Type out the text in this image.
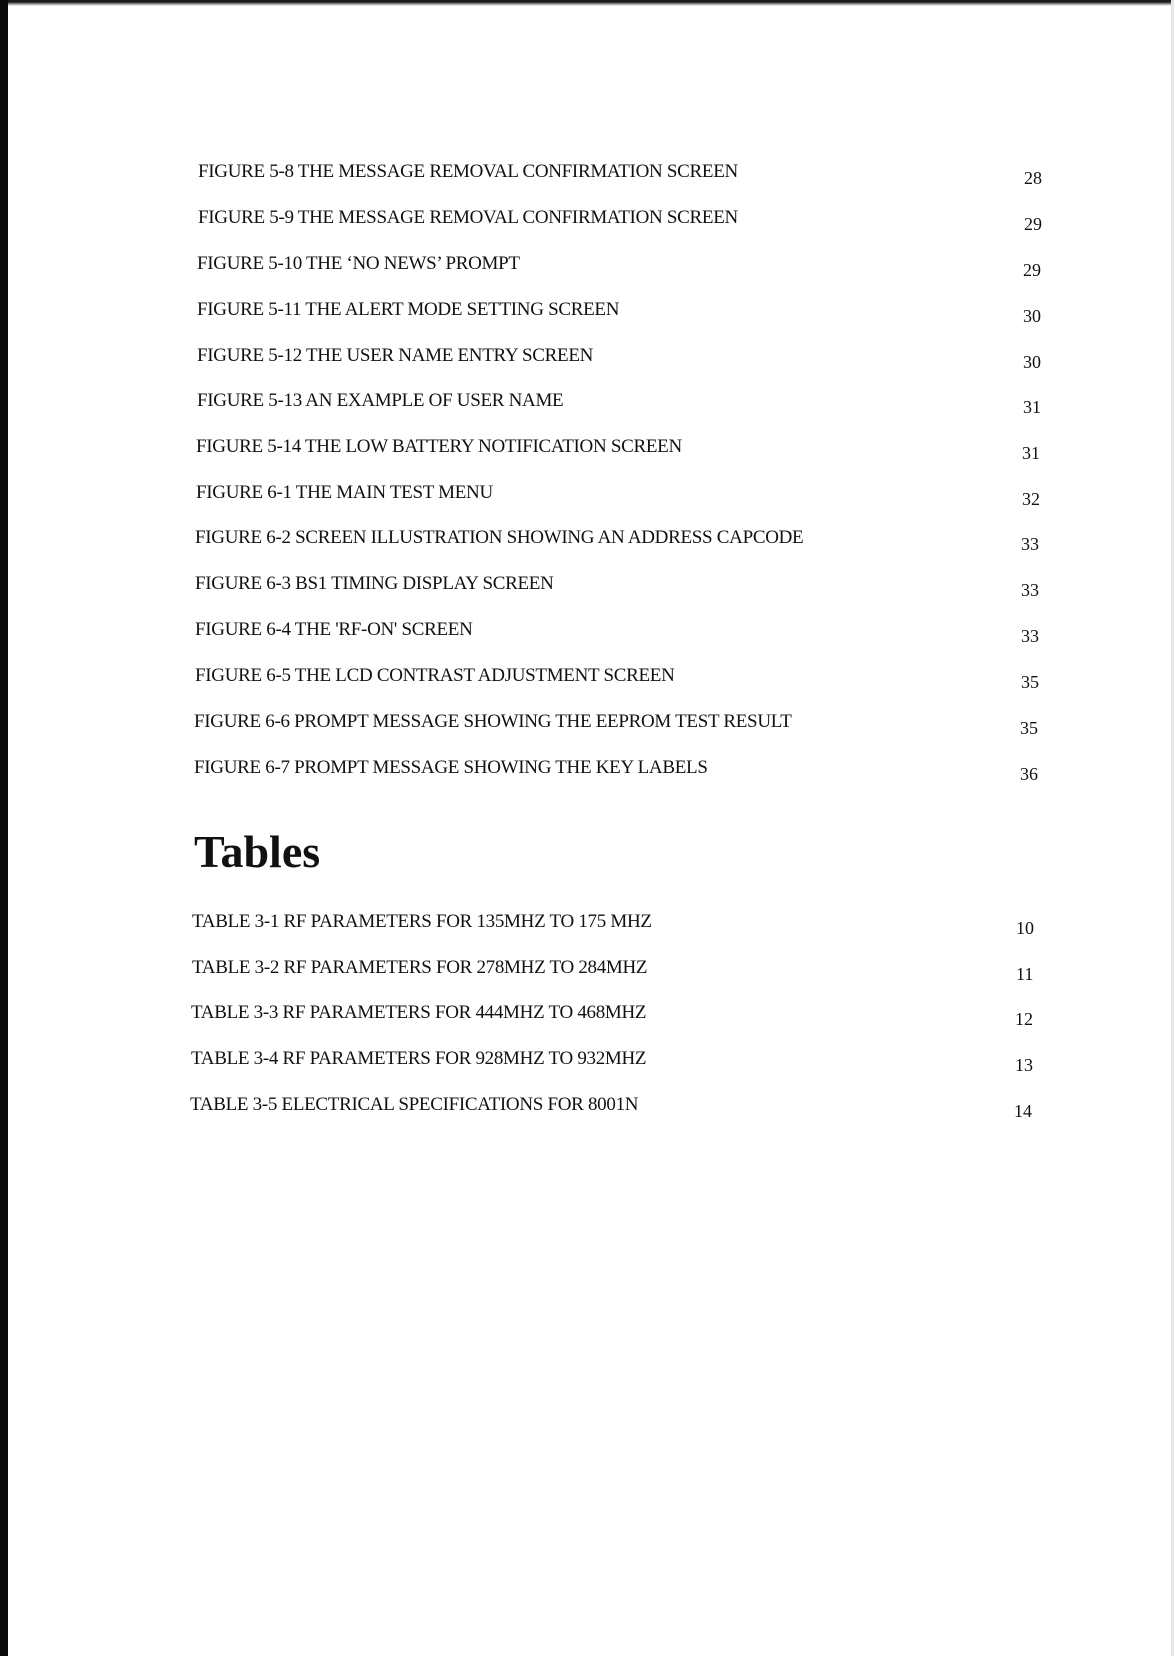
FIGURE 5-8 THE MESSAGE REMOVAL CONFIRMATION SCREEN	28
FIGURE 5-9 THE MESSAGE REMOVAL CONFIRMATION SCREEN	29
FIGURE 5-10 THE ‘NO NEWS’ PROMPT	29
FIGURE 5-11 THE ALERT MODE SETTING SCREEN	30
FIGURE 5-12 THE USER NAME ENTRY SCREEN	30
FIGURE 5-13 AN EXAMPLE OF USER NAME	31
FIGURE 5-14 THE LOW BATTERY NOTIFICATION SCREEN	31
FIGURE 6-1 THE MAIN TEST MENU	32
FIGURE 6-2 SCREEN ILLUSTRATION SHOWING AN ADDRESS CAPCODE	33
FIGURE 6-3 BS1 TIMING DISPLAY SCREEN	33
FIGURE 6-4 THE 'RF-ON' SCREEN	33
FIGURE 6-5 THE LCD CONTRAST ADJUSTMENT SCREEN	35
FIGURE 6-6 PROMPT MESSAGE SHOWING THE EEPROM TEST RESULT	35
FIGURE 6-7 PROMPT MESSAGE SHOWING THE KEY LABELS	36
Tables
TABLE 3-1 RF PARAMETERS FOR 135MHZ TO 175 MHZ	10
TABLE 3-2 RF PARAMETERS FOR 278MHZ TO 284MHZ	11
TABLE 3-3 RF PARAMETERS FOR 444MHZ TO 468MHZ	12
TABLE 3-4 RF PARAMETERS FOR 928MHZ TO 932MHZ	13
TABLE 3-5 ELECTRICAL SPECIFICATIONS FOR 8001N	14
